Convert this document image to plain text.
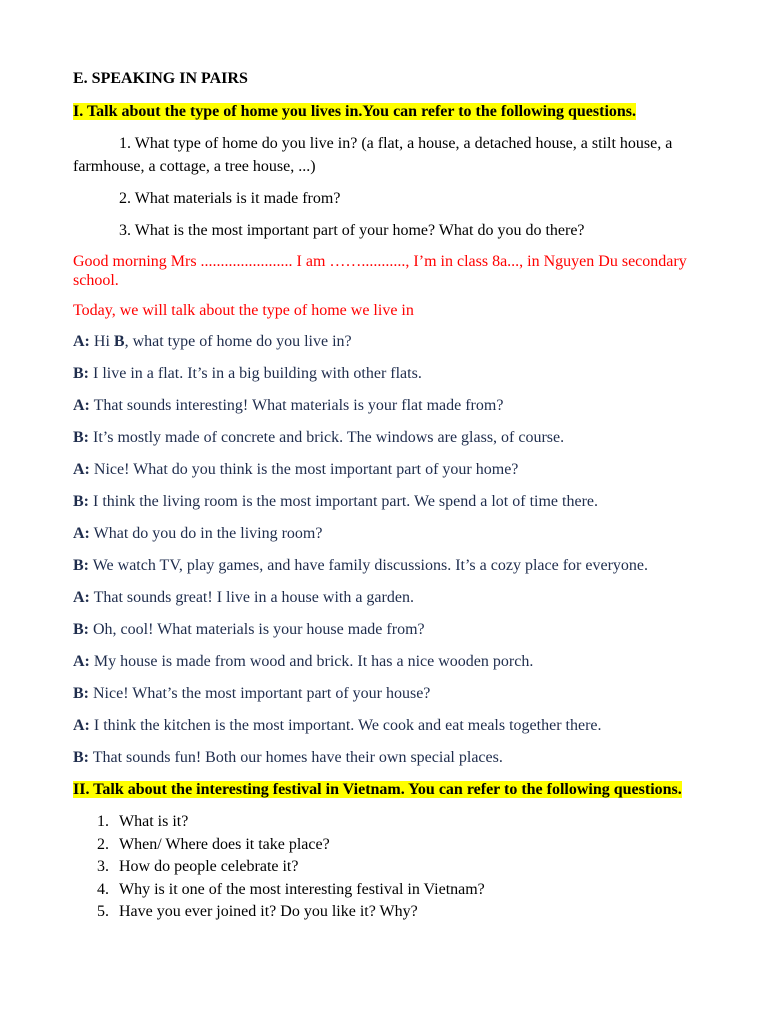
E. SPEAKING IN PAIRS

I. Talk about the type of home you lives in.You can refer to the following questions.

1. What type of home do you live in? (a flat, a house, a detached house, a stilt house, a farmhouse, a cottage, a tree house, ...)

2. What materials is it made from?

3. What is the most important part of your home? What do you do there?

Good morning Mrs ....................... I am ……..........., I’m in class 8a..., in Nguyen Du secondary school.

Today, we will talk about the type of home we live in

A: Hi B, what type of home do you live in?

B: I live in a flat. It’s in a big building with other flats.

A: That sounds interesting! What materials is your flat made from?

B: It’s mostly made of concrete and brick. The windows are glass, of course.

A: Nice! What do you think is the most important part of your home?

B: I think the living room is the most important part. We spend a lot of time there.

A: What do you do in the living room?

B: We watch TV, play games, and have family discussions. It’s a cozy place for everyone.

A: That sounds great! I live in a house with a garden.

B: Oh, cool! What materials is your house made from?

A: My house is made from wood and brick. It has a nice wooden porch.

B: Nice! What’s the most important part of your house?

A: I think the kitchen is the most important. We cook and eat meals together there.

B: That sounds fun! Both our homes have their own special places.

II. Talk about the interesting festival in Vietnam. You can refer to the following questions.

1. What is it?
2. When/ Where does it take place?
3. How do people celebrate it?
4. Why is it one of the most interesting festival in Vietnam?
5. Have you ever joined it? Do you like it? Why?
